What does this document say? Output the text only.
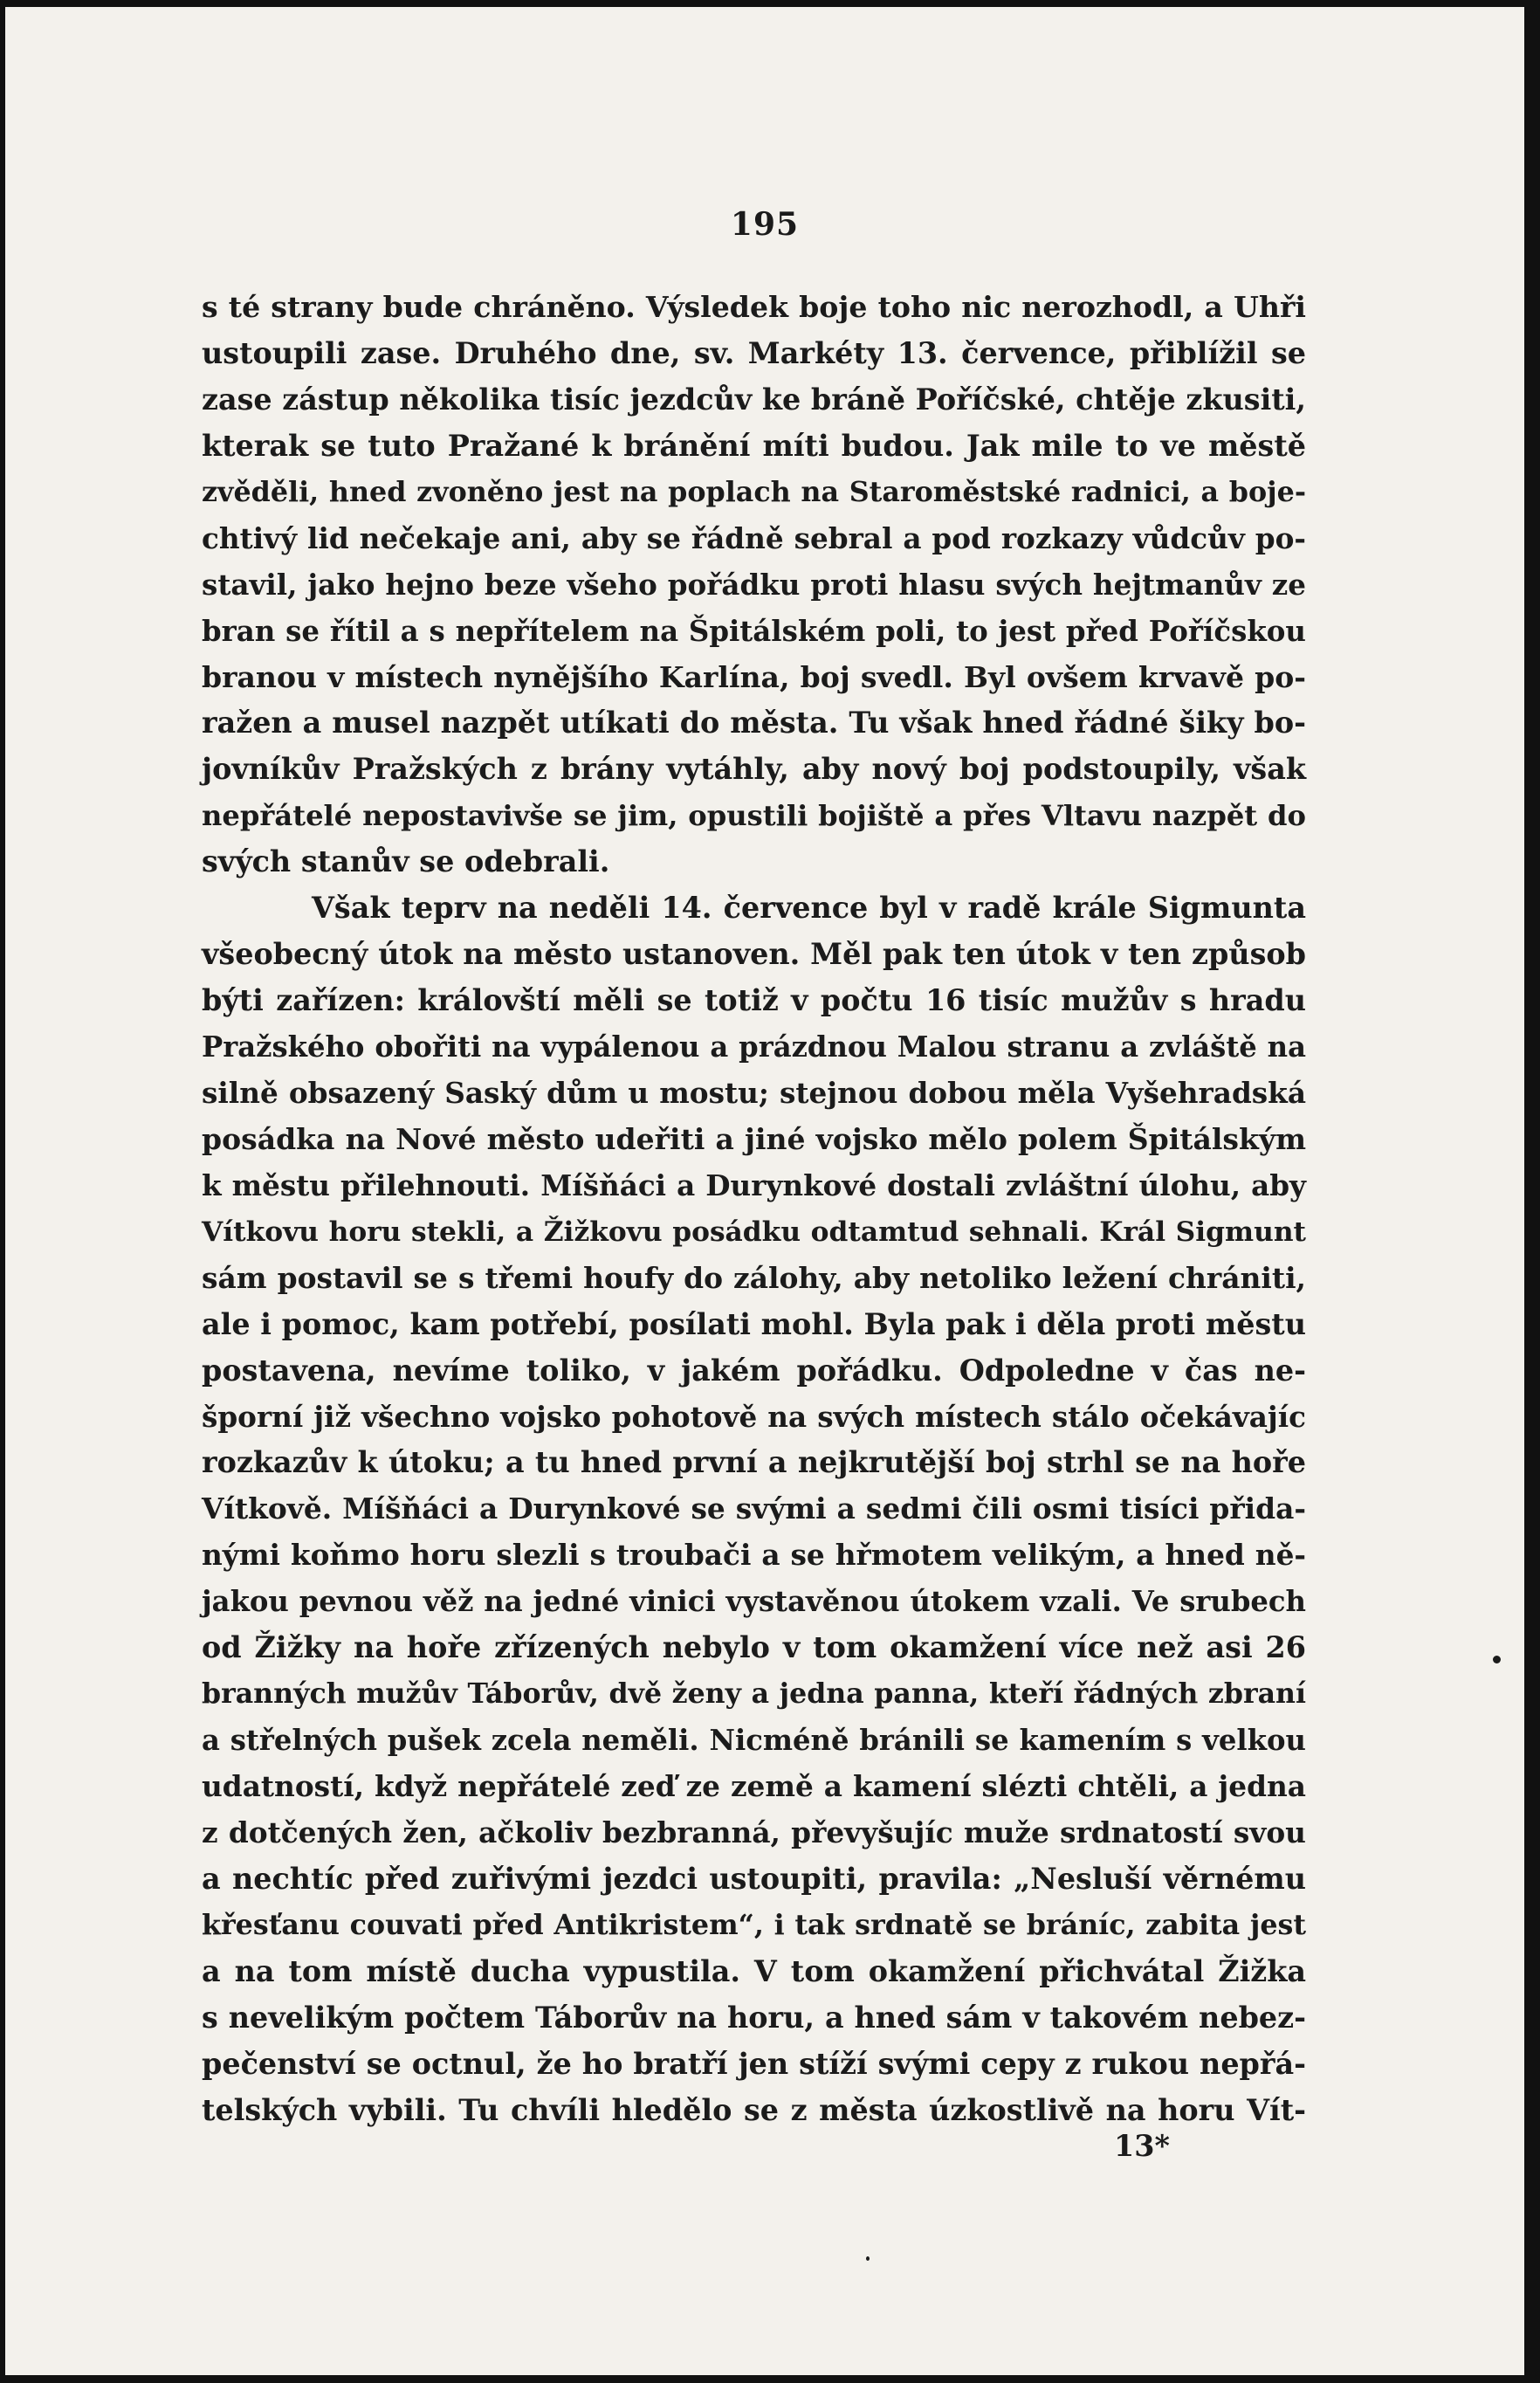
195
s té strany bude chráněno. Výsledek boje toho nic nerozhodl, a Uhři
ustoupili zase. Druhého dne, sv. Markéty 13. července, přiblížil se
zase zástup několika tisíc jezdcův ke bráně Poříčské, chtěje zkusiti,
kterak se tuto Pražané k bránění míti budou. Jak mile to ve městě
zvěděli, hned zvoněno jest na poplach na Staroměstské radnici, a boje-
chtivý lid nečekaje ani, aby se řádně sebral a pod rozkazy vůdcův po-
stavil, jako hejno beze všeho pořádku proti hlasu svých hejtmanův ze
bran se řítil a s nepřítelem na Špitálském poli, to jest před Poříčskou
branou v místech nynějšího Karlína, boj svedl. Byl ovšem krvavě po-
ražen a musel nazpět utíkati do města. Tu však hned řádné šiky bo-
jovníkův Pražských z brány vytáhly, aby nový boj podstoupily, však
nepřátelé nepostavivše se jim, opustili bojiště a přes Vltavu nazpět do
svých stanův se odebrali.
Však teprv na neděli 14. července byl v radě krále Sigmunta
všeobecný útok na město ustanoven. Měl pak ten útok v ten způsob
býti zařízen: královští měli se totiž v počtu 16 tisíc mužův s hradu
Pražského obořiti na vypálenou a prázdnou Malou stranu a zvláště na
silně obsazený Saský dům u mostu; stejnou dobou měla Vyšehradská
posádka na Nové město udeřiti a jiné vojsko mělo polem Špitálským
k městu přilehnouti. Míšňáci a Durynkové dostali zvláštní úlohu, aby
Vítkovu horu stekli, a Žižkovu posádku odtamtud sehnali. Král Sigmunt
sám postavil se s třemi houfy do zálohy, aby netoliko ležení chrániti,
ale i pomoc, kam potřebí, posílati mohl. Byla pak i děla proti městu
postavena, nevíme toliko, v jakém pořádku. Odpoledne v čas ne-
šporní již všechno vojsko pohotově na svých místech stálo očekávajíc
rozkazův k útoku; a tu hned první a nejkrutější boj strhl se na hoře
Vítkově. Míšňáci a Durynkové se svými a sedmi čili osmi tisíci přida-
nými koňmo horu slezli s troubači a se hřmotem velikým, a hned ně-
jakou pevnou věž na jedné vinici vystavěnou útokem vzali. Ve srubech
od Žižky na hoře zřízených nebylo v tom okamžení více než asi 26
branných mužův Táborův, dvě ženy a jedna panna, kteří řádných zbraní
a střelných pušek zcela neměli. Nicméně bránili se kamením s velkou
udatností, když nepřátelé zeď ze země a kamení slézti chtěli, a jedna
z dotčených žen, ačkoliv bezbranná, převyšujíc muže srdnatostí svou
a nechtíc před zuřivými jezdci ustoupiti, pravila: „Nesluší věrnému
křesťanu couvati před Antikristem“, i tak srdnatě se bráníc, zabita jest
a na tom místě ducha vypustila. V tom okamžení přichvátal Žižka
s nevelikým počtem Táborův na horu, a hned sám v takovém nebez-
pečenství se octnul, že ho bratří jen stíží svými cepy z rukou nepřá-
telských vybili. Tu chvíli hledělo se z města úzkostlivě na horu Vít-
13*
